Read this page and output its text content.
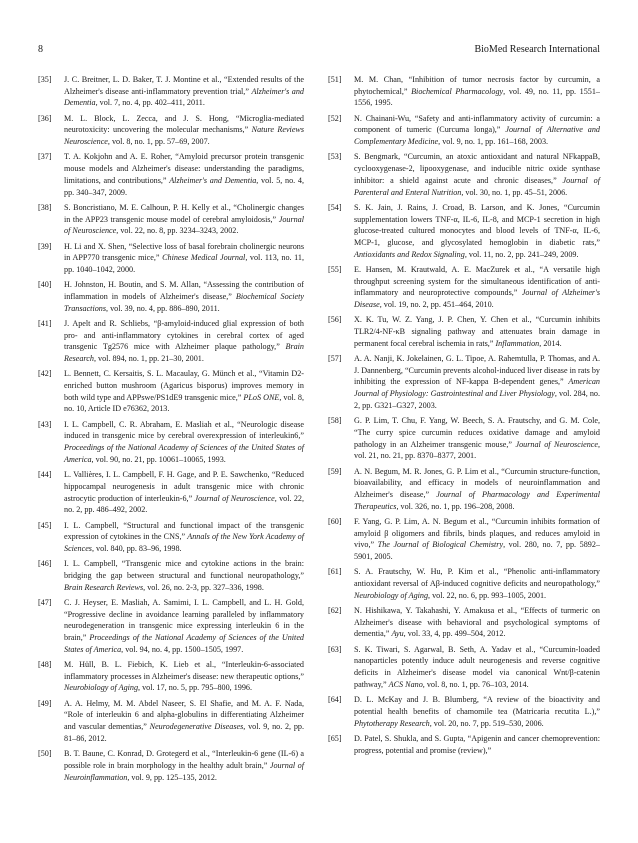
8	BioMed Research International
[35] J. C. Breitner, L. D. Baker, T. J. Montine et al., “Extended results of the Alzheimer's disease anti-inflammatory prevention trial,” Alzheimer's and Dementia, vol. 7, no. 4, pp. 402–411, 2011.
[36] M. L. Block, L. Zecca, and J. S. Hong, “Microglia-mediated neurotoxicity: uncovering the molecular mechanisms,” Nature Reviews Neuroscience, vol. 8, no. 1, pp. 57–69, 2007.
[37] T. A. Kokjohn and A. E. Roher, “Amyloid precursor protein transgenic mouse models and Alzheimer's disease: understanding the paradigms, limitations, and contributions,” Alzheimer's and Dementia, vol. 5, no. 4, pp. 340–347, 2009.
[38] S. Boncristiano, M. E. Calhoun, P. H. Kelly et al., “Cholinergic changes in the APP23 transgenic mouse model of cerebral amyloidosis,” Journal of Neuroscience, vol. 22, no. 8, pp. 3234–3243, 2002.
[39] H. Li and X. Shen, “Selective loss of basal forebrain cholinergic neurons in APP770 transgenic mice,” Chinese Medical Journal, vol. 113, no. 11, pp. 1040–1042, 2000.
[40] H. Johnston, H. Boutin, and S. M. Allan, “Assessing the contribution of inflammation in models of Alzheimer's disease,” Biochemical Society Transactions, vol. 39, no. 4, pp. 886–890, 2011.
[41] J. Apelt and R. Schliebs, “β-amyloid-induced glial expression of both pro- and anti-inflammatory cytokines in cerebral cortex of aged transgenic Tg2576 mice with Alzheimer plaque pathology,” Brain Research, vol. 894, no. 1, pp. 21–30, 2001.
[42] L. Bennett, C. Kersaitis, S. L. Macaulay, G. Münch et al., “Vitamin D2-enriched button mushroom (Agaricus bisporus) improves memory in both wild type and APPswe/PS1dE9 transgenic mice,” PLoS ONE, vol. 8, no. 10, Article ID e76362, 2013.
[43] I. L. Campbell, C. R. Abraham, E. Masliah et al., “Neurologic disease induced in transgenic mice by cerebral overexpression of interleukin6,” Proceedings of the National Academy of Sciences of the United States of America, vol. 90, no. 21, pp. 10061–10065, 1993.
[44] L. Vallières, I. L. Campbell, F. H. Gage, and P. E. Sawchenko, “Reduced hippocampal neurogenesis in adult transgenic mice with chronic astrocytic production of interleukin-6,” Journal of Neuroscience, vol. 22, no. 2, pp. 486–492, 2002.
[45] I. L. Campbell, “Structural and functional impact of the transgenic expression of cytokines in the CNS,” Annals of the New York Academy of Sciences, vol. 840, pp. 83–96, 1998.
[46] I. L. Campbell, “Transgenic mice and cytokine actions in the brain: bridging the gap between structural and functional neuropathology,” Brain Research Reviews, vol. 26, no. 2-3, pp. 327–336, 1998.
[47] C. J. Heyser, E. Masliah, A. Samimi, I. L. Campbell, and L. H. Gold, “Progressive decline in avoidance learning paralleled by inflammatory neurodegeneration in transgenic mice expressing interleukin 6 in the brain,” Proceedings of the National Academy of Sciences of the United States of America, vol. 94, no. 4, pp. 1500–1505, 1997.
[48] M. Hüll, B. L. Fiebich, K. Lieb et al., “Interleukin-6-associated inflammatory processes in Alzheimer's disease: new therapeutic options,” Neurobiology of Aging, vol. 17, no. 5, pp. 795–800, 1996.
[49] A. A. Helmy, M. M. Abdel Naseer, S. El Shafie, and M. A. F. Nada, “Role of interleukin 6 and alpha-globulins in differentiating Alzheimer and vascular dementias,” Neurodegenerative Diseases, vol. 9, no. 2, pp. 81–86, 2012.
[50] B. T. Baune, C. Konrad, D. Grotegerd et al., “Interleukin-6 gene (IL-6) a possible role in brain morphology in the healthy adult brain,” Journal of Neuroinflammation, vol. 9, pp. 125–135, 2012.
[51] M. M. Chan, “Inhibition of tumor necrosis factor by curcumin, a phytochemical,” Biochemical Pharmacology, vol. 49, no. 11, pp. 1551–1556, 1995.
[52] N. Chainani-Wu, “Safety and anti-inflammatory activity of curcumin: a component of tumeric (Curcuma longa),” Journal of Alternative and Complementary Medicine, vol. 9, no. 1, pp. 161–168, 2003.
[53] S. Bengmark, “Curcumin, an atoxic antioxidant and natural NFkappaB, cyclooxygenase-2, lipooxygenase, and inducible nitric oxide synthase inhibitor: a shield against acute and chronic diseases,” Journal of Parenteral and Enteral Nutrition, vol. 30, no. 1, pp. 45–51, 2006.
[54] S. K. Jain, J. Rains, J. Croad, B. Larson, and K. Jones, “Curcumin supplementation lowers TNF-α, IL-6, IL-8, and MCP-1 secretion in high glucose-treated cultured monocytes and blood levels of TNF-α, IL-6, MCP-1, glucose, and glycosylated hemoglobin in diabetic rats,” Antioxidants and Redox Signaling, vol. 11, no. 2, pp. 241–249, 2009.
[55] E. Hansen, M. Krautwald, A. E. MacZurek et al., “A versatile high throughput screening system for the simultaneous identification of anti-inflammatory and neuroprotective compounds,” Journal of Alzheimer's Disease, vol. 19, no. 2, pp. 451–464, 2010.
[56] X. K. Tu, W. Z. Yang, J. P. Chen, Y. Chen et al., “Curcumin inhibits TLR2/4-NF-κB signaling pathway and attenuates brain damage in permanent focal cerebral ischemia in rats,” Inflammation, 2014.
[57] A. A. Nanji, K. Jokelainen, G. L. Tipoe, A. Rahemtulla, P. Thomas, and A. J. Dannenberg, “Curcumin prevents alcohol-induced liver disease in rats by inhibiting the expression of NF-kappa B-dependent genes,” American Journal of Physiology: Gastrointestinal and Liver Physiology, vol. 284, no. 2, pp. G321–G327, 2003.
[58] G. P. Lim, T. Chu, F. Yang, W. Beech, S. A. Frautschy, and G. M. Cole, “The curry spice curcumin reduces oxidative damage and amyloid pathology in an Alzheimer transgenic mouse,” Journal of Neuroscience, vol. 21, no. 21, pp. 8370–8377, 2001.
[59] A. N. Begum, M. R. Jones, G. P. Lim et al., “Curcumin structure-function, bioavailability, and efficacy in models of neuroinflammation and Alzheimer's disease,” Journal of Pharmacology and Experimental Therapeutics, vol. 326, no. 1, pp. 196–208, 2008.
[60] F. Yang, G. P. Lim, A. N. Begum et al., “Curcumin inhibits formation of amyloid β oligomers and fibrils, binds plaques, and reduces amyloid in vivo,” The Journal of Biological Chemistry, vol. 280, no. 7, pp. 5892–5901, 2005.
[61] S. A. Frautschy, W. Hu, P. Kim et al., “Phenolic anti-inflammatory antioxidant reversal of Aβ-induced cognitive deficits and neuropathology,” Neurobiology of Aging, vol. 22, no. 6, pp. 993–1005, 2001.
[62] N. Hishikawa, Y. Takahashi, Y. Amakusa et al., “Effects of turmeric on Alzheimer's disease with behavioral and psychological symptoms of dementia,” Ayu, vol. 33, 4, pp. 499–504, 2012.
[63] S. K. Tiwari, S. Agarwal, B. Seth, A. Yadav et al., “Curcumin-loaded nanoparticles potently induce adult neurogenesis and reverse cognitive deficits in Alzheimer's disease model via canonical Wnt/β-catenin pathway,” ACS Nano, vol. 8, no. 1, pp. 76–103, 2014.
[64] D. L. McKay and J. B. Blumberg, “A review of the bioactivity and potential health benefits of chamomile tea (Matricaria recutita L.),” Phytotherapy Research, vol. 20, no. 7, pp. 519–530, 2006.
[65] D. Patel, S. Shukla, and S. Gupta, “Apigenin and cancer chemoprevention: progress, potential and promise (review),”
